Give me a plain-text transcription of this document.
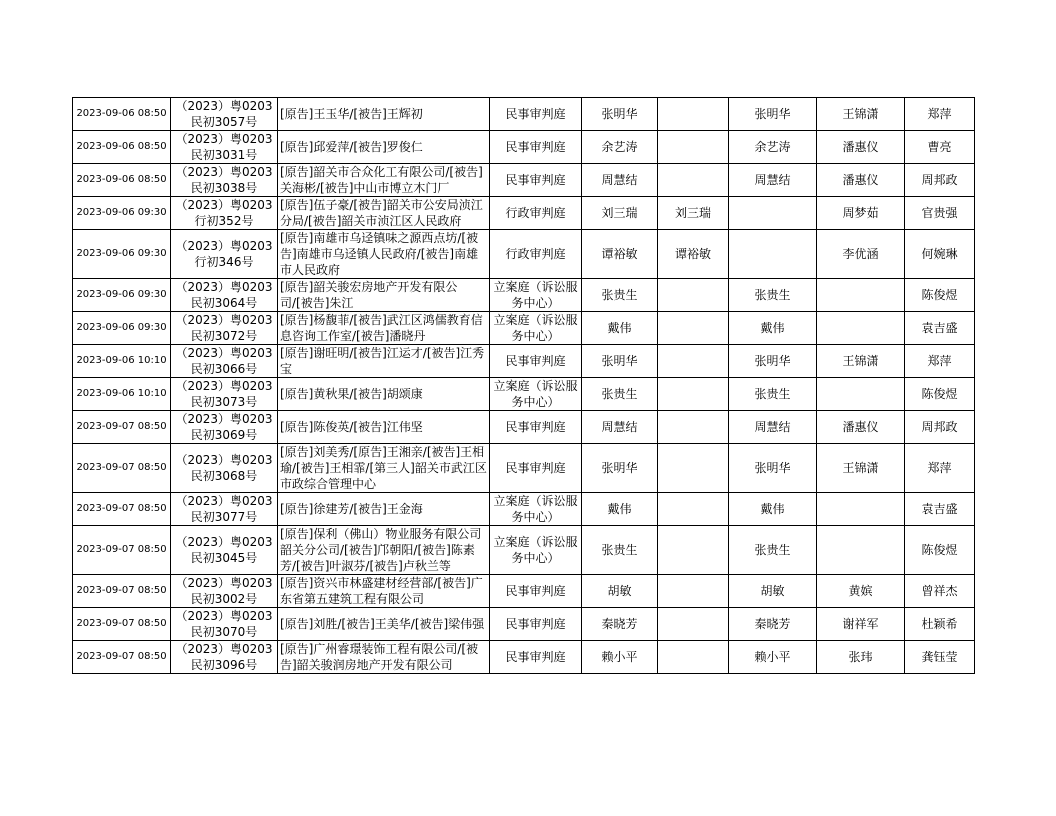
2023-09-06 08:50	（2023）粤0203民初3057号	[原告]王玉华/[被告]王辉初	民事审判庭	张明华		张明华	王锦潇	郑萍
2023-09-06 08:50	（2023）粤0203民初3031号	[原告]邱爱萍/[被告]罗俊仁	民事审判庭	余艺涛		余艺涛	潘惠仪	曹亮
2023-09-06 08:50	（2023）粤0203民初3038号	[原告]韶关市合众化工有限公司/[被告]关海彬/[被告]中山市博立木门厂	民事审判庭	周慧结		周慧结	潘惠仪	周邦政
2023-09-06 09:30	（2023）粤0203行初352号	[原告]伍子豪/[被告]韶关市公安局浈江分局/[被告]韶关市浈江区人民政府	行政审判庭	刘三瑞	刘三瑞		周梦茹	官贵强
2023-09-06 09:30	（2023）粤0203行初346号	[原告]南雄市乌迳镇味之源西点坊/[被告]南雄市乌迳镇人民政府/[被告]南雄市人民政府	行政审判庭	谭裕敏	谭裕敏		李优涵	何婉琳
2023-09-06 09:30	（2023）粤0203民初3064号	[原告]韶关骏宏房地产开发有限公司/[被告]朱江	立案庭（诉讼服务中心）	张贵生		张贵生		陈俊煜
2023-09-06 09:30	（2023）粤0203民初3072号	[原告]杨馥菲/[被告]武江区鸿儒教育信息咨询工作室/[被告]潘晓丹	立案庭（诉讼服务中心）	戴伟		戴伟		袁吉盛
2023-09-06 10:10	（2023）粤0203民初3066号	[原告]谢旺明/[被告]江运才/[被告]江秀宝	民事审判庭	张明华		张明华	王锦潇	郑萍
2023-09-06 10:10	（2023）粤0203民初3073号	[原告]黄秋果/[被告]胡颂康	立案庭（诉讼服务中心）	张贵生		张贵生		陈俊煜
2023-09-07 08:50	（2023）粤0203民初3069号	[原告]陈俊英/[被告]江伟坚	民事审判庭	周慧结		周慧结	潘惠仪	周邦政
2023-09-07 08:50	（2023）粤0203民初3068号	[原告]刘美秀/[原告]王湘亲/[被告]王相瑜/[被告]王相霏/[第三人]韶关市武江区市政综合管理中心	民事审判庭	张明华		张明华	王锦潇	郑萍
2023-09-07 08:50	（2023）粤0203民初3077号	[原告]徐建芳/[被告]王金海	立案庭（诉讼服务中心）	戴伟		戴伟		袁吉盛
2023-09-07 08:50	（2023）粤0203民初3045号	[原告]保利（佛山）物业服务有限公司韶关分公司/[被告]邝朝阳/[被告]陈素芳/[被告]叶淑芬/[被告]卢秋兰等	立案庭（诉讼服务中心）	张贵生		张贵生		陈俊煜
2023-09-07 08:50	（2023）粤0203民初3002号	[原告]资兴市林盛建材经营部/[被告]广东省第五建筑工程有限公司	民事审判庭	胡敏		胡敏	黄嫔	曾祥杰
2023-09-07 08:50	（2023）粤0203民初3070号	[原告]刘胜/[被告]王美华/[被告]梁伟强	民事审判庭	秦晓芳		秦晓芳	谢祥军	杜颖希
2023-09-07 08:50	（2023）粤0203民初3096号	[原告]广州睿璟装饰工程有限公司/[被告]韶关骏润房地产开发有限公司	民事审判庭	赖小平		赖小平	张玮	龚钰莹
